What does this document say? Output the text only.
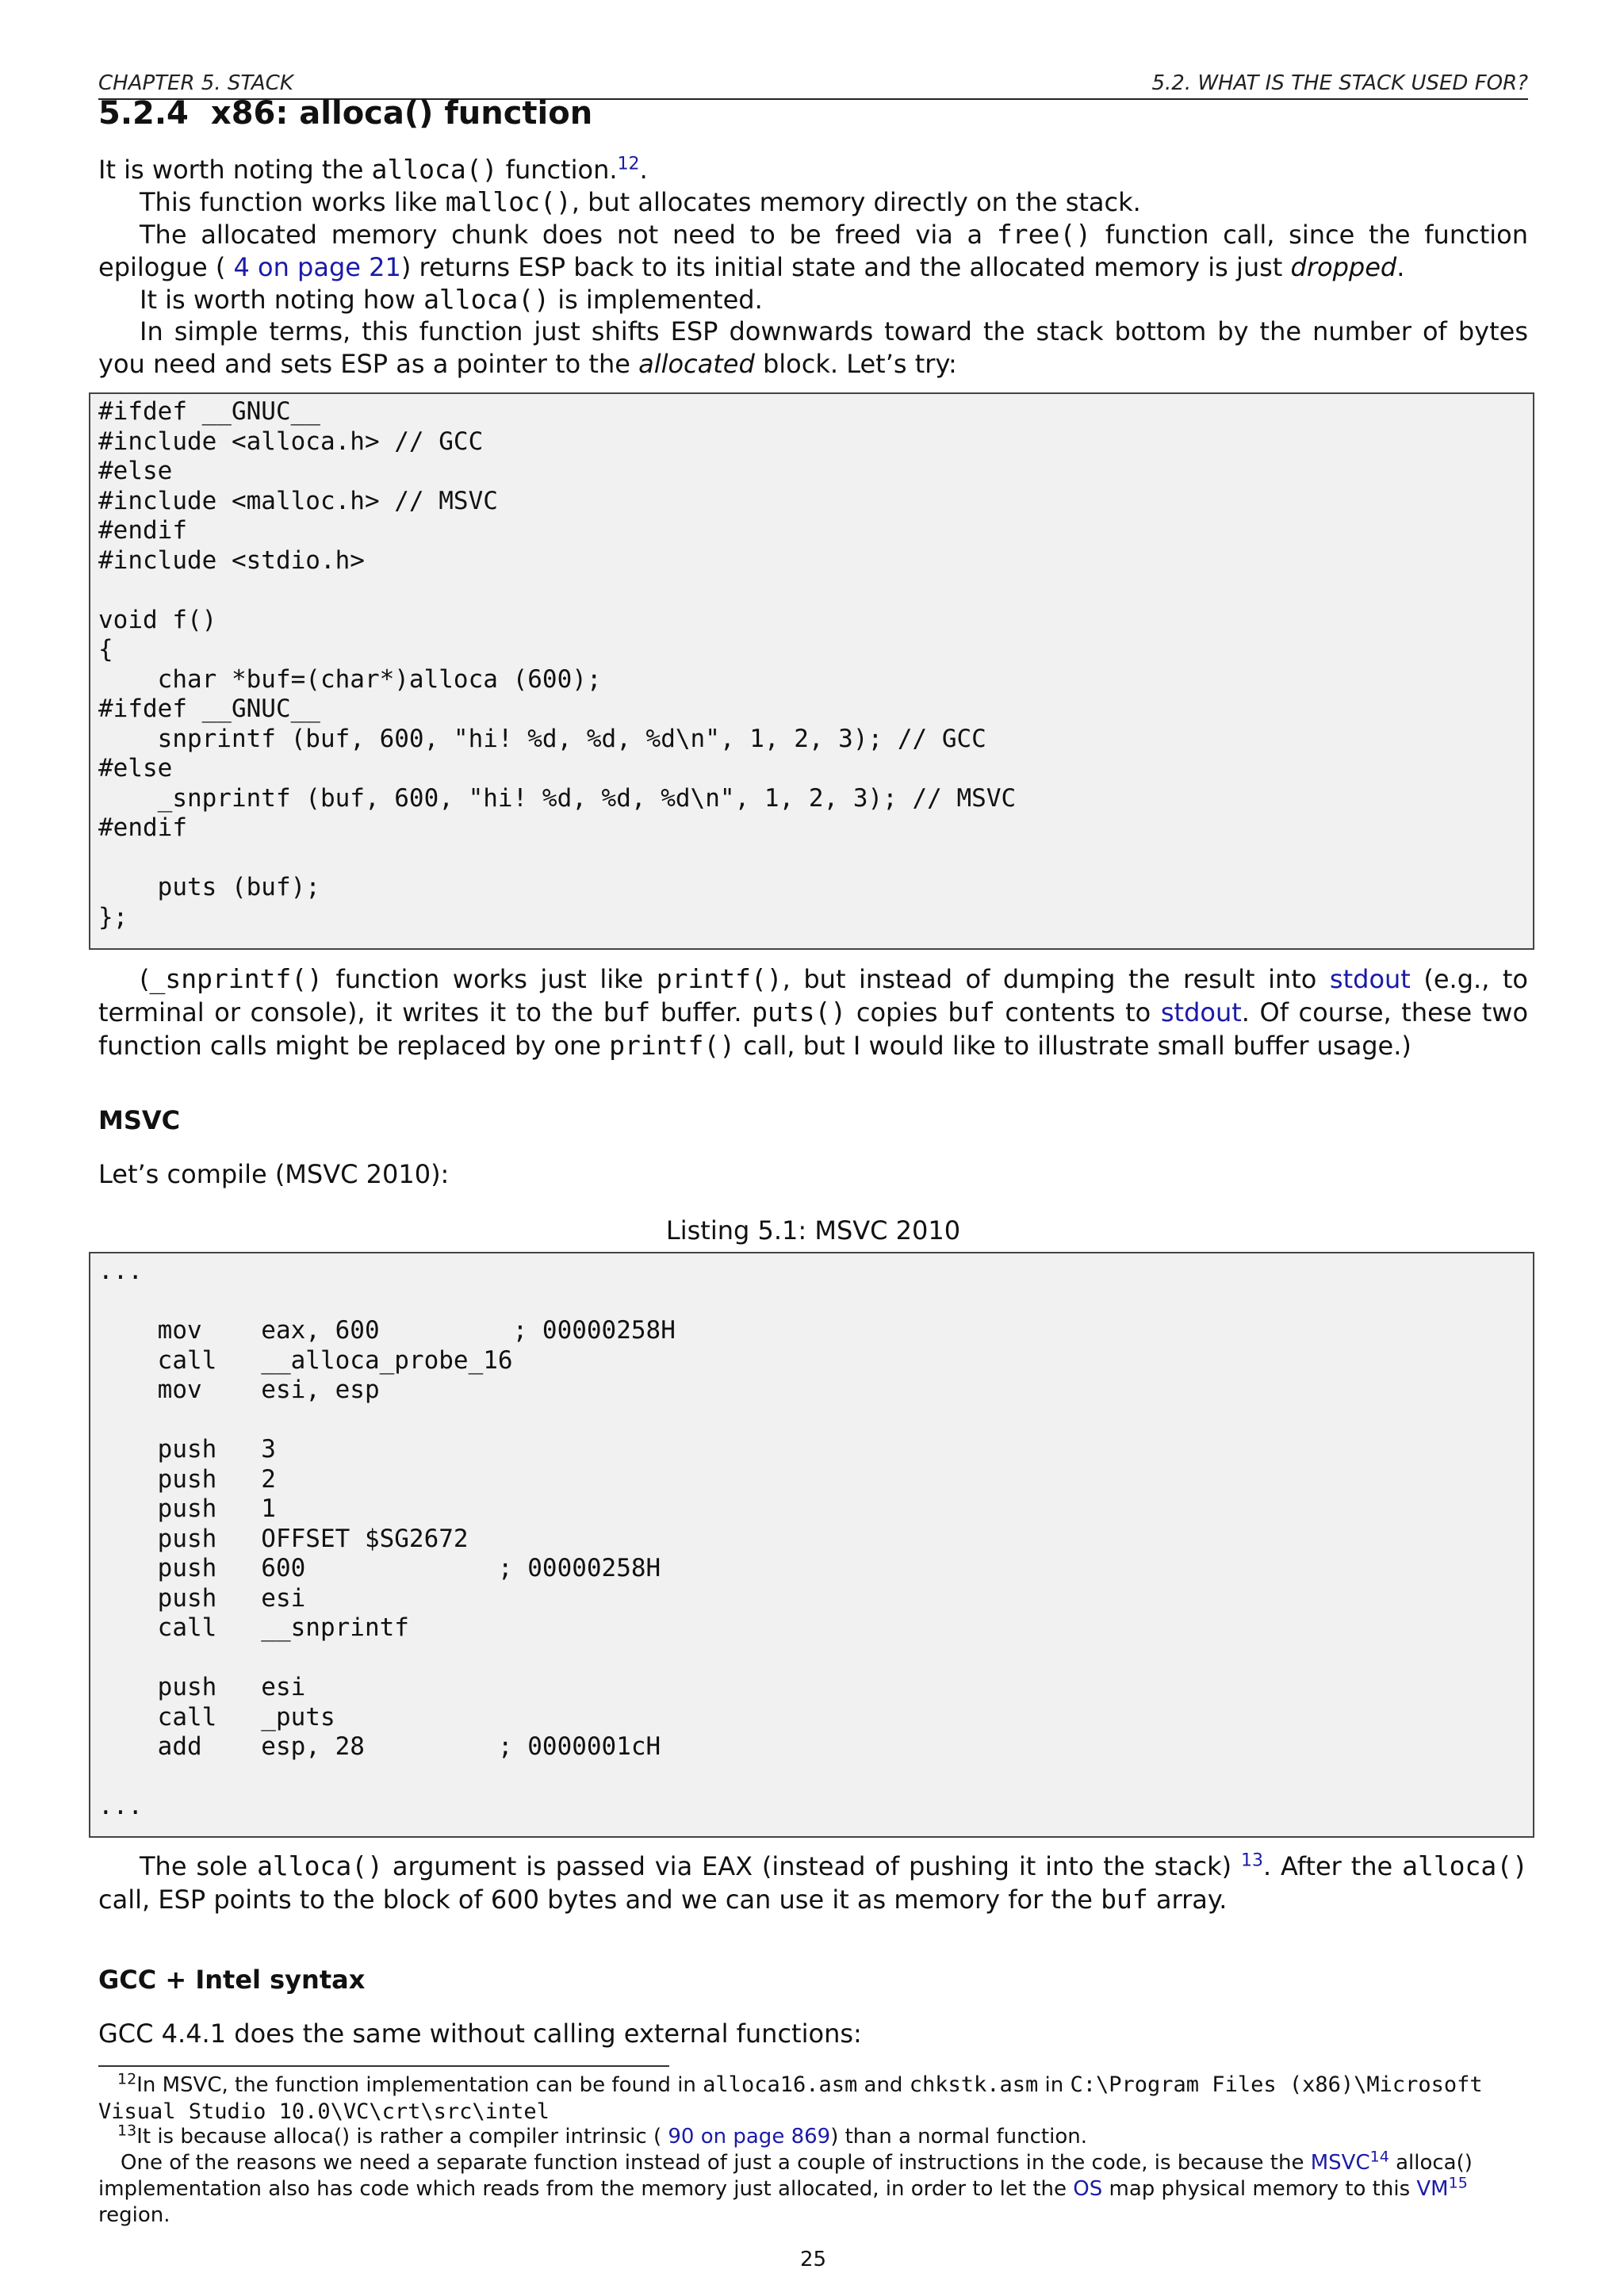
CHAPTER 5. STACK	5.2. WHAT IS THE STACK USED FOR?
5.2.4 x86: alloca() function

It is worth noting the alloca() function.$^{12}$.

This function works like malloc(), but allocates memory directly on the stack.

The allocated memory chunk does not need to be freed via a free() function call, since the function epilogue ( 4 on page 21) returns ESP back to its initial state and the allocated memory is just dropped.

It is worth noting how alloca() is implemented.

In simple terms, this function just shifts ESP downwards toward the stack bottom by the number of bytes you need and sets ESP as a pointer to the allocated block. Let’s try:

#ifdef __GNUC__
#include <alloca.h> // GCC
#else
#include <malloc.h> // MSVC
#endif
#include <stdio.h>

void f()
{
char *buf=(char*)alloca (600);
#ifdef __GNUC__
snprintf (buf, 600, "hi! %d, %d, %d\n", 1, 2, 3); // GCC
#else
_snprintf (buf, 600, "hi! %d, %d, %d\n", 1, 2, 3); // MSVC
#endif

puts (buf);
};

(_snprintf() function works just like printf(), but instead of dumping the result into stdout (e.g., to terminal or console), it writes it to the buf buffer. puts() copies buf contents to stdout. Of course, these two function calls might be replaced by one printf() call, but I would like to illustrate small buffer usage.)

MSVC

Let’s compile (MSVC 2010):

Listing 5.1: MSVC 2010
...

mov    eax, 600         ; 00000258H
call   __alloca_probe_16
mov    esi, esp

push   3
push   2
push   1
push   OFFSET $SG2672
push   600             ; 00000258H
push   esi
call   __snprintf

push   esi
call   _puts
add    esp, 28         ; 0000001cH

...

The sole alloca() argument is passed via EAX (instead of pushing it into the stack) $^{13}$. After the alloca() call, ESP points to the block of 600 bytes and we can use it as memory for the buf array.

GCC + Intel syntax

GCC 4.4.1 does the same without calling external functions:

$^{12}$In MSVC, the function implementation can be found in alloca16.asm and chkstk.asm in C:\Program Files (x86)\Microsoft Visual Studio 10.0\VC\crt\src\intel

$^{13}$It is because alloca() is rather a compiler intrinsic ( 90 on page 869) than a normal function.

One of the reasons we need a separate function instead of just a couple of instructions in the code, is because the MSVC$^{14}$ alloca() implementation also has code which reads from the memory just allocated, in order to let the OS map physical memory to this VM$^{15}$ region.

25
